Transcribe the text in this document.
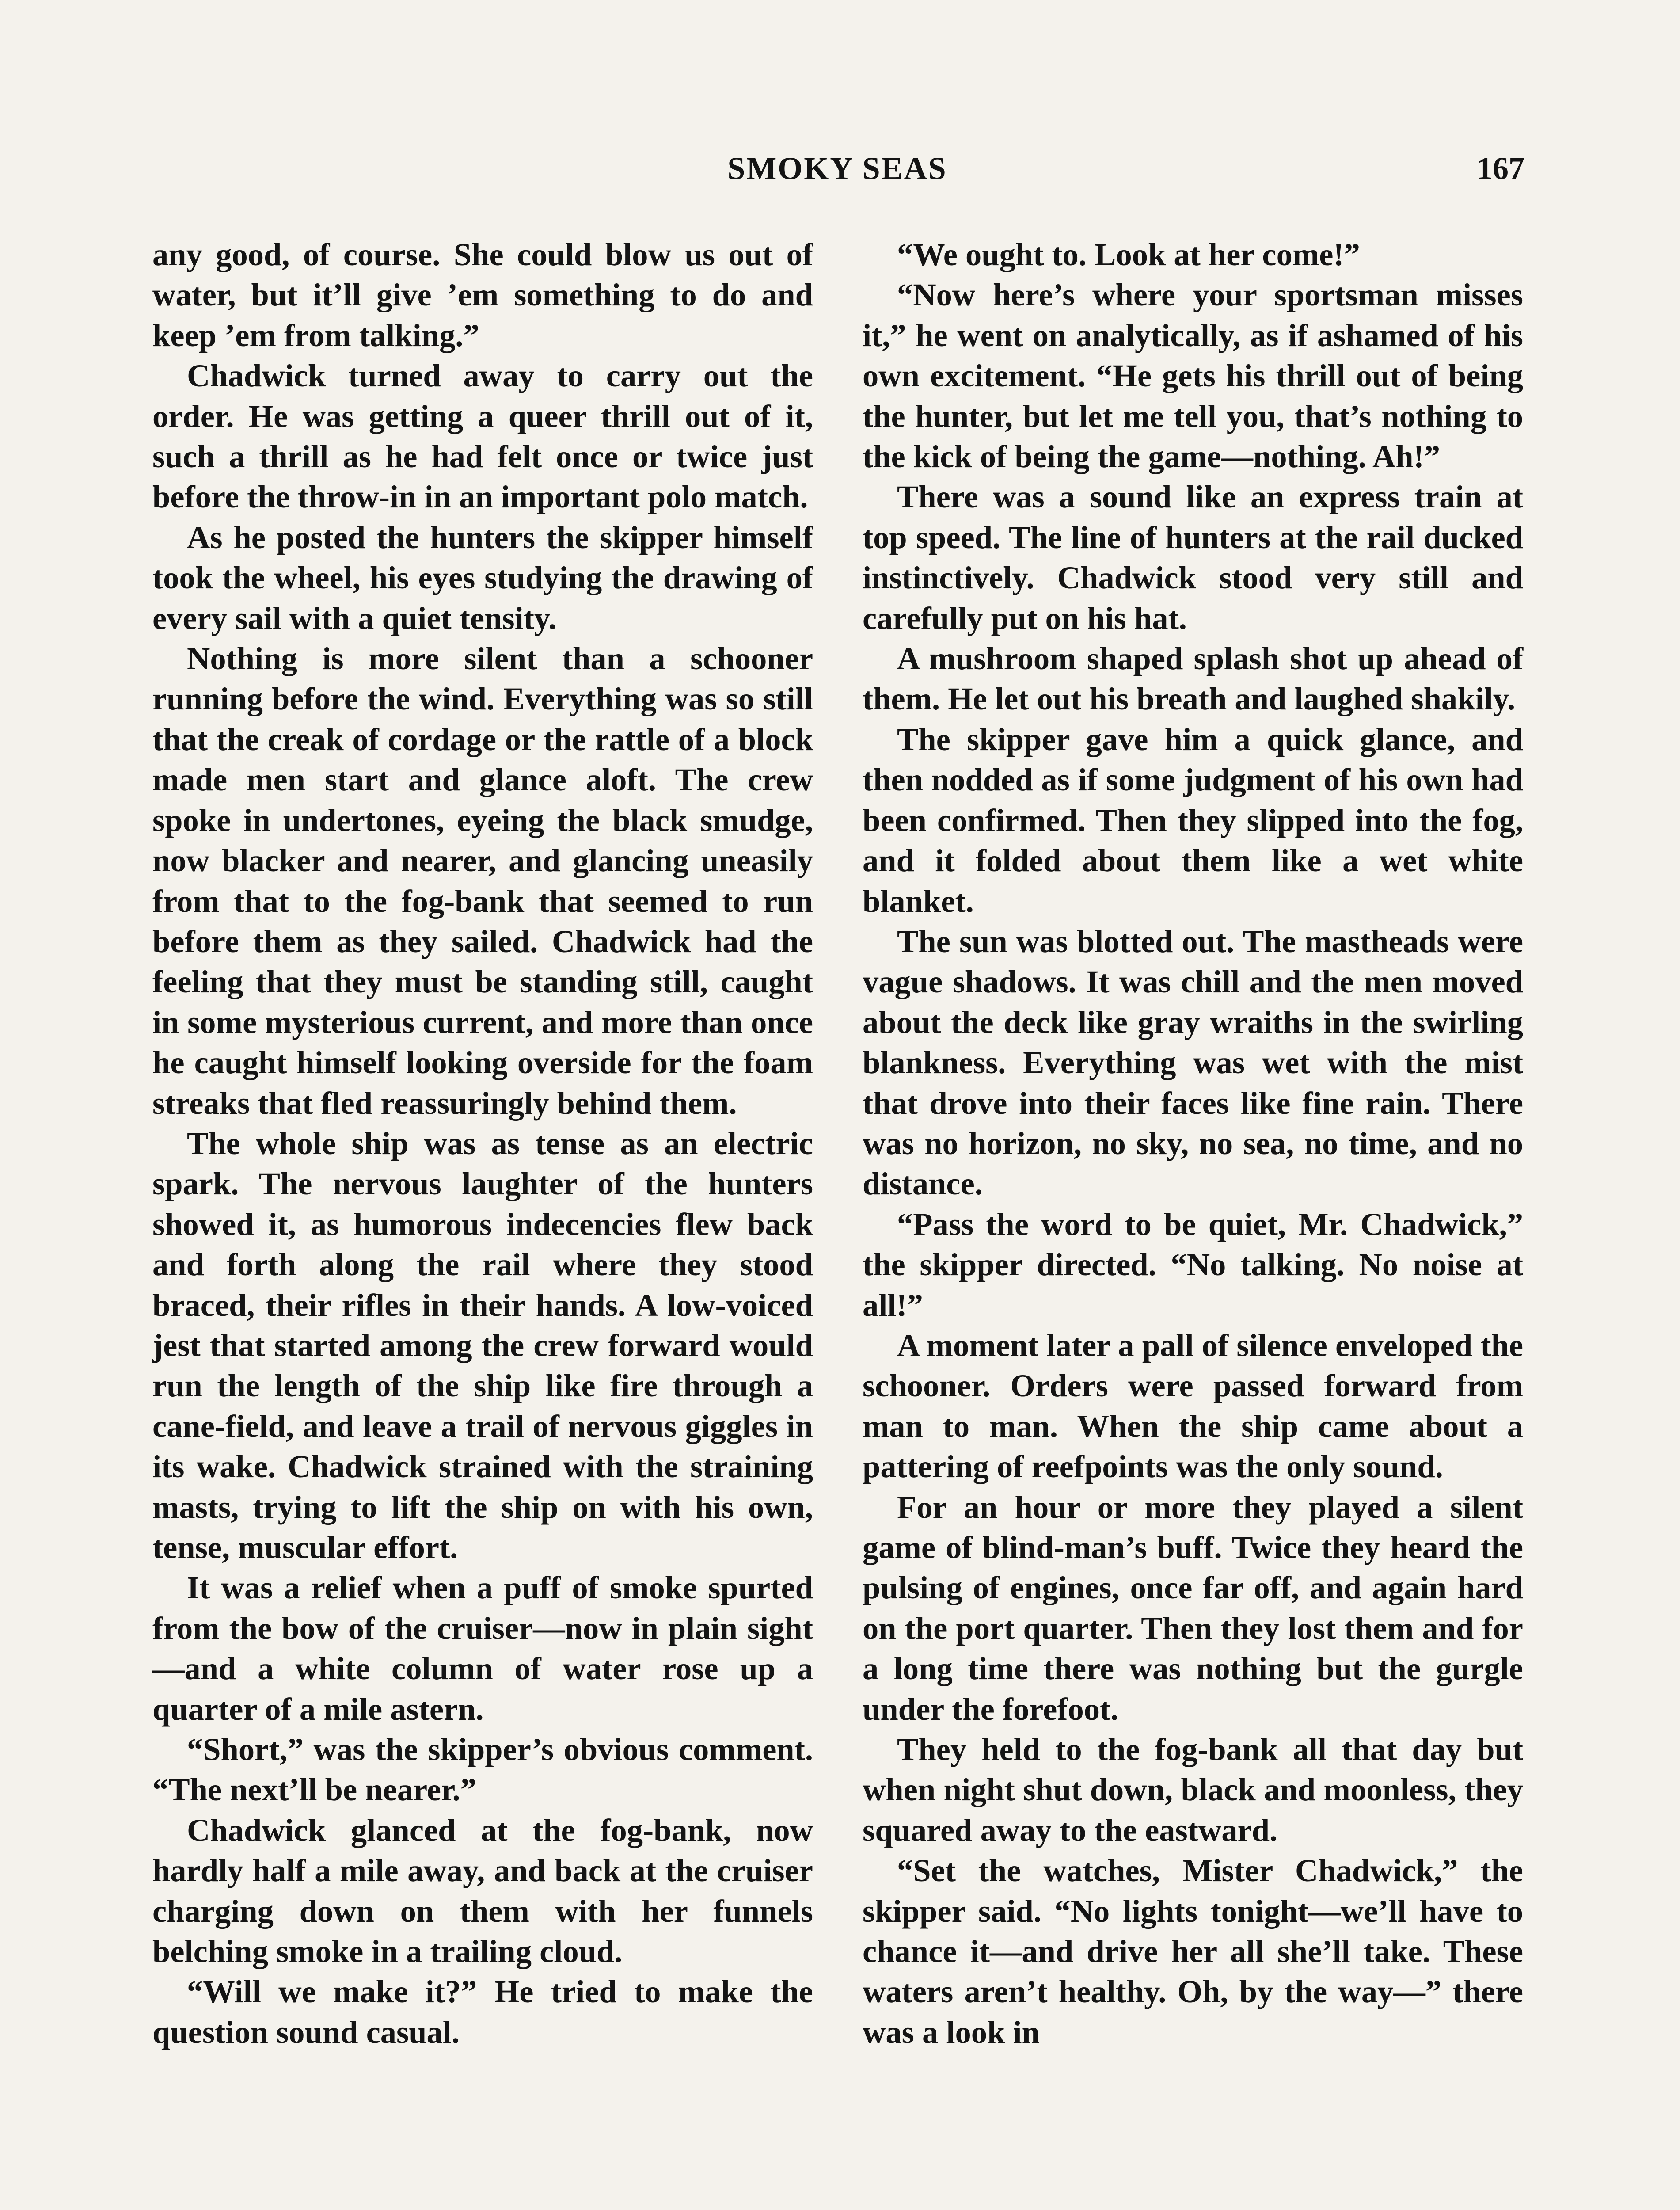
SMOKY SEAS	167

any good, of course. She could blow us out of water, but it’ll give ’em something to do and keep ’em from talking.”

Chadwick turned away to carry out the order. He was getting a queer thrill out of it, such a thrill as he had felt once or twice just before the throw-in in an important polo match.

As he posted the hunters the skipper himself took the wheel, his eyes studying the drawing of every sail with a quiet tensity.

Nothing is more silent than a schooner running before the wind. Everything was so still that the creak of cordage or the rattle of a block made men start and glance aloft. The crew spoke in undertones, eyeing the black smudge, now blacker and nearer, and glancing uneasily from that to the fog-bank that seemed to run before them as they sailed. Chadwick had the feeling that they must be standing still, caught in some mysterious current, and more than once he caught himself looking overside for the foam streaks that fled reassuringly behind them.

The whole ship was as tense as an electric spark. The nervous laughter of the hunters showed it, as humorous indecencies flew back and forth along the rail where they stood braced, their rifles in their hands. A low-voiced jest that started among the crew forward would run the length of the ship like fire through a cane-field, and leave a trail of nervous giggles in its wake. Chadwick strained with the straining masts, trying to lift the ship on with his own, tense, muscular effort.

It was a relief when a puff of smoke spurted from the bow of the cruiser—now in plain sight—and a white column of water rose up a quarter of a mile astern.

“Short,” was the skipper’s obvious comment. “The next’ll be nearer.”

Chadwick glanced at the fog-bank, now hardly half a mile away, and back at the cruiser charging down on them with her funnels belching smoke in a trailing cloud.

“Will we make it?” He tried to make the question sound casual.

“We ought to. Look at her come!”

“Now here’s where your sportsman misses it,” he went on analytically, as if ashamed of his own excitement. “He gets his thrill out of being the hunter, but let me tell you, that’s nothing to the kick of being the game—nothing. Ah!”

There was a sound like an express train at top speed. The line of hunters at the rail ducked instinctively. Chadwick stood very still and carefully put on his hat.

A mushroom shaped splash shot up ahead of them. He let out his breath and laughed shakily.

The skipper gave him a quick glance, and then nodded as if some judgment of his own had been confirmed. Then they slipped into the fog, and it folded about them like a wet white blanket.

The sun was blotted out. The mastheads were vague shadows. It was chill and the men moved about the deck like gray wraiths in the swirling blankness. Everything was wet with the mist that drove into their faces like fine rain. There was no horizon, no sky, no sea, no time, and no distance.

“Pass the word to be quiet, Mr. Chadwick,” the skipper directed. “No talking. No noise at all!”

A moment later a pall of silence enveloped the schooner. Orders were passed forward from man to man. When the ship came about a pattering of reefpoints was the only sound.

For an hour or more they played a silent game of blind-man’s buff. Twice they heard the pulsing of engines, once far off, and again hard on the port quarter. Then they lost them and for a long time there was nothing but the gurgle under the forefoot.

They held to the fog-bank all that day but when night shut down, black and moonless, they squared away to the eastward.

“Set the watches, Mister Chadwick,” the skipper said. “No lights tonight—we’ll have to chance it—and drive her all she’ll take. These waters aren’t healthy. Oh, by the way—” there was a look in
